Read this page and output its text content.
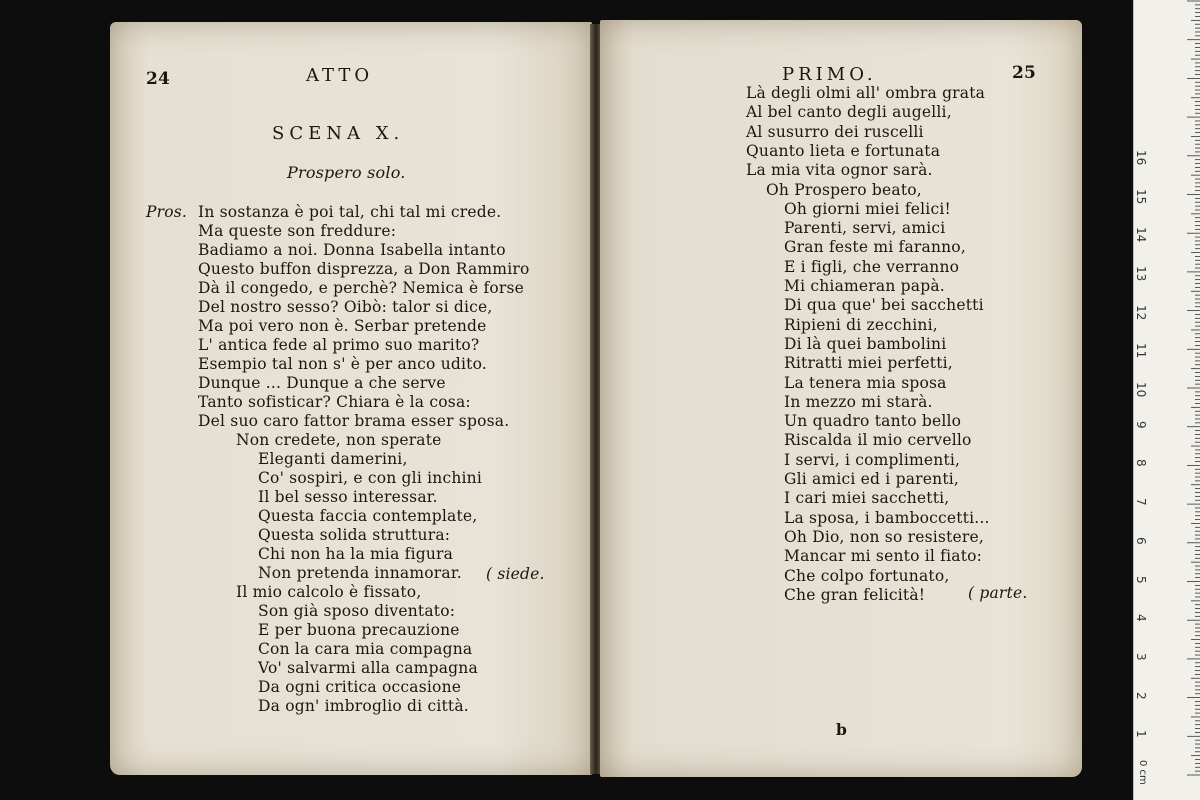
24	ATTO
SCENA X.
Prospero solo.
Pros. In sostanza è poi tal, chi tal mi crede.
Ma queste son freddure:
Badiamo a noi. Donna Isabella intanto
Questo buffon disprezza, a Don Rammiro
Dà il congedo, e perchè? Nemica è forse
Del nostro sesso? Oibò: talor si dice,
Ma poi vero non è. Serbar pretende
L' antica fede al primo suo marito?
Esempio tal non s' è per anco udito.
Dunque ... Dunque a che serve
Tanto sofisticar? Chiara è la cosa:
Del suo caro fattor brama esser sposa.
Non credete, non sperate
Eleganti damerini,
Co' sospiri, e con gli inchini
Il bel sesso interessar.
Questa faccia contemplate,
Questa solida struttura:
Chi non ha la mia figura
Non pretenda innamorar.
Il mio calcolo è fissato,
Son già sposo diventato:
E per buona precauzione
Con la cara mia compagna
Vo' salvarmi alla campagna
Da ogni critica occasione
Da ogn' imbroglio di città.
( siede.
PRIMO.	25
Là degli olmi all' ombra grata
Al bel canto degli augelli,
Al susurro dei ruscelli
Quanto lieta e fortunata
La mia vita ognor sarà.
Oh Prospero beato,
Oh giorni miei felici!
Parenti, servi, amici
Gran feste mi faranno,
E i figli, che verranno
Mi chiameran papà.
Di qua que' bei sacchetti
Ripieni di zecchini,
Di là quei bambolini
Ritratti miei perfetti,
La tenera mia sposa
In mezzo mi starà.
Un quadro tanto bello
Riscalda il mio cervello
I servi, i complimenti,
Gli amici ed i parenti,
I cari miei sacchetti,
La sposa, i bamboccetti...
Oh Dio, non so resistere,
Mancar mi sento il fiato:
Che colpo fortunato,
Che gran felicità!	( parte.
b
0 cm
16
15
14
13
12
11
10
9
8
7
6
5
4
3
2
1
